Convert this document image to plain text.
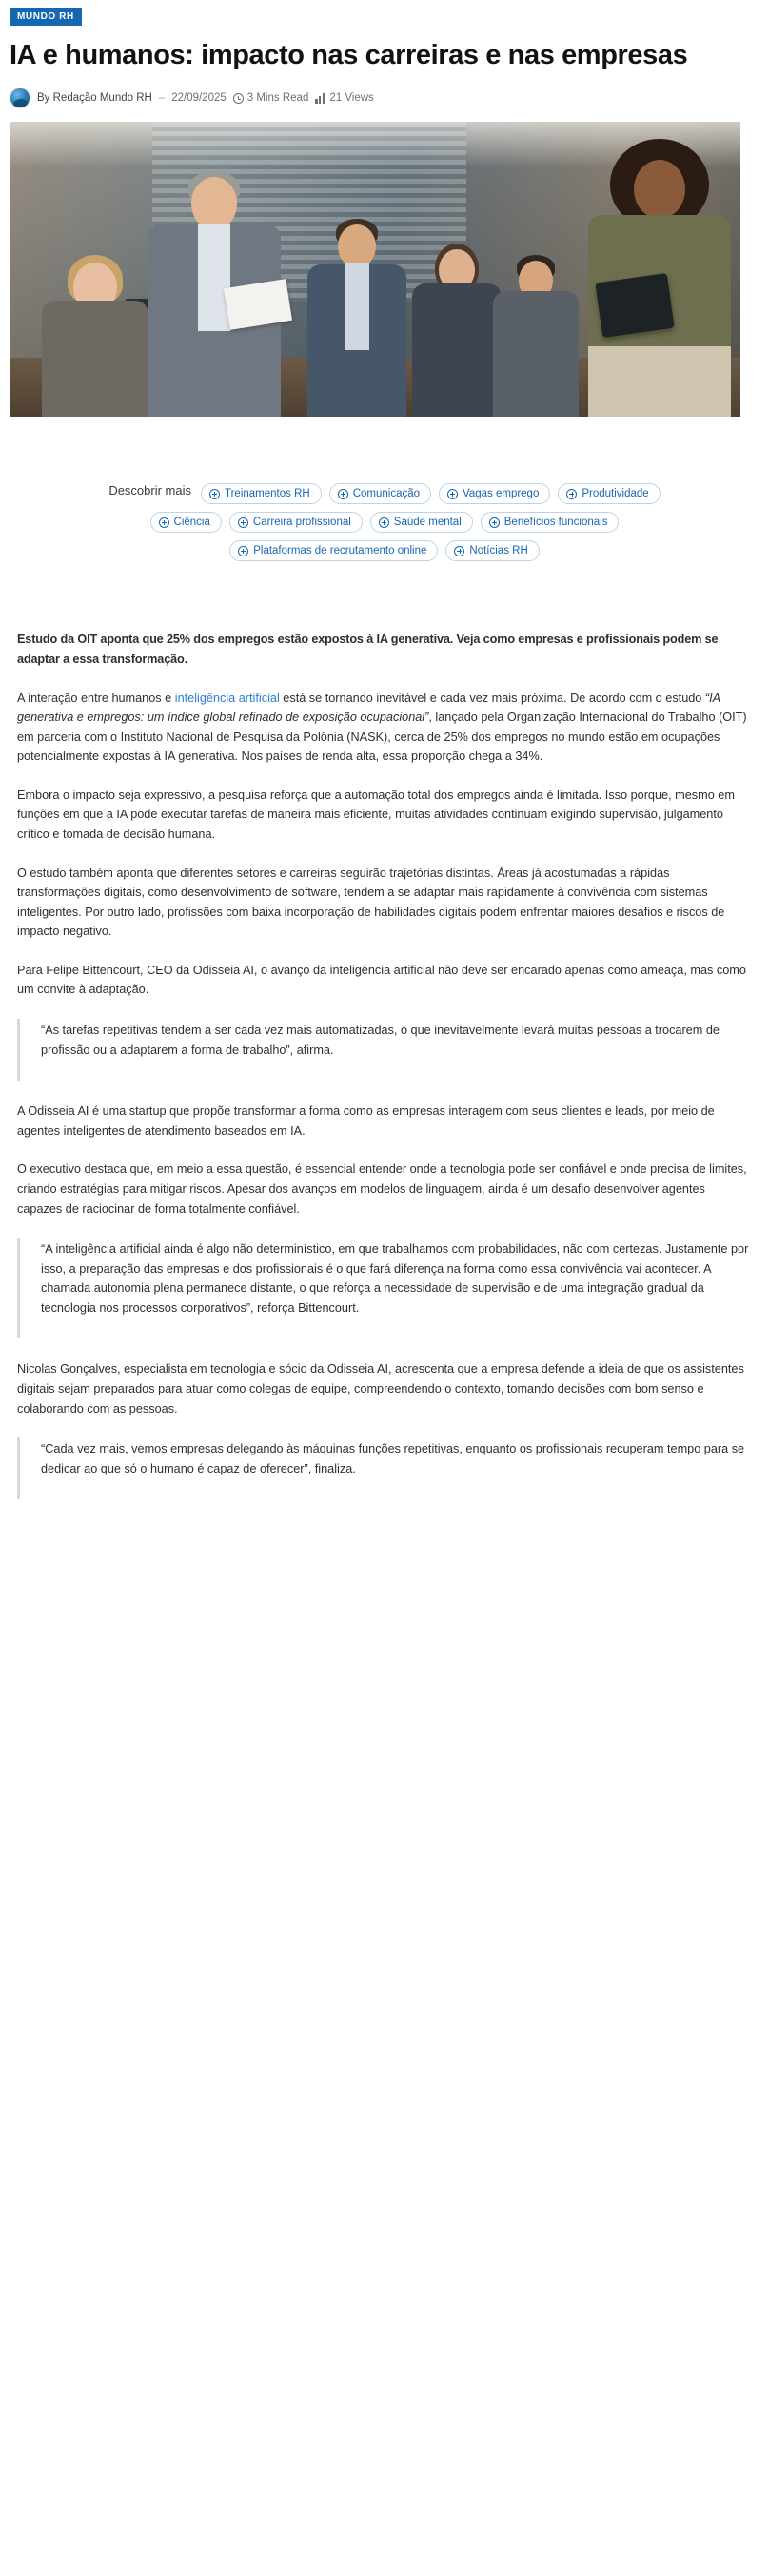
MUNDO RH
IA e humanos: impacto nas carreiras e nas empresas
By Redação Mundo RH – 22/09/2025 3 Mins Read 21 Views
Descobrir mais	Treinamentos RH	Comunicação	Vagas emprego	Produtividade
Ciência	Carreira profissional	Saúde mental	Benefícios funcionais
Plataformas de recrutamento online	Notícias RH

Estudo da OIT aponta que 25% dos empregos estão expostos à IA generativa. Veja como empresas e profissionais podem se adaptar a essa transformação.

A interação entre humanos e inteligência artificial está se tornando inevitável e cada vez mais próxima. De acordo com o estudo “IA generativa e empregos: um índice global refinado de exposição ocupacional”, lançado pela Organização Internacional do Trabalho (OIT) em parceria com o Instituto Nacional de Pesquisa da Polônia (NASK), cerca de 25% dos empregos no mundo estão em ocupações potencialmente expostas à IA generativa. Nos países de renda alta, essa proporção chega a 34%.

Embora o impacto seja expressivo, a pesquisa reforça que a automação total dos empregos ainda é limitada. Isso porque, mesmo em funções em que a IA pode executar tarefas de maneira mais eficiente, muitas atividades continuam exigindo supervisão, julgamento crítico e tomada de decisão humana.

O estudo também aponta que diferentes setores e carreiras seguirão trajetórias distintas. Áreas já acostumadas a rápidas transformações digitais, como desenvolvimento de software, tendem a se adaptar mais rapidamente à convivência com sistemas inteligentes. Por outro lado, profissões com baixa incorporação de habilidades digitais podem enfrentar maiores desafios e riscos de impacto negativo.

Para Felipe Bittencourt, CEO da Odisseia AI, o avanço da inteligência artificial não deve ser encarado apenas como ameaça, mas como um convite à adaptação.

“As tarefas repetitivas tendem a ser cada vez mais automatizadas, o que inevitavelmente levará muitas pessoas a trocarem de profissão ou a adaptarem a forma de trabalho”, afirma.

A Odisseia AI é uma startup que propõe transformar a forma como as empresas interagem com seus clientes e leads, por meio de agentes inteligentes de atendimento baseados em IA.

O executivo destaca que, em meio a essa questão, é essencial entender onde a tecnologia pode ser confiável e onde precisa de limites, criando estratégias para mitigar riscos. Apesar dos avanços em modelos de linguagem, ainda é um desafio desenvolver agentes capazes de raciocinar de forma totalmente confiável.

“A inteligência artificial ainda é algo não determinístico, em que trabalhamos com probabilidades, não com certezas. Justamente por isso, a preparação das empresas e dos profissionais é o que fará diferença na forma como essa convivência vai acontecer. A chamada autonomia plena permanece distante, o que reforça a necessidade de supervisão e de uma integração gradual da tecnologia nos processos corporativos”, reforça Bittencourt.

Nicolas Gonçalves, especialista em tecnologia e sócio da Odisseia AI, acrescenta que a empresa defende a ideia de que os assistentes digitais sejam preparados para atuar como colegas de equipe, compreendendo o contexto, tomando decisões com bom senso e colaborando com as pessoas.

“Cada vez mais, vemos empresas delegando às máquinas funções repetitivas, enquanto os profissionais recuperam tempo para se dedicar ao que só o humano é capaz de oferecer”, finaliza.
